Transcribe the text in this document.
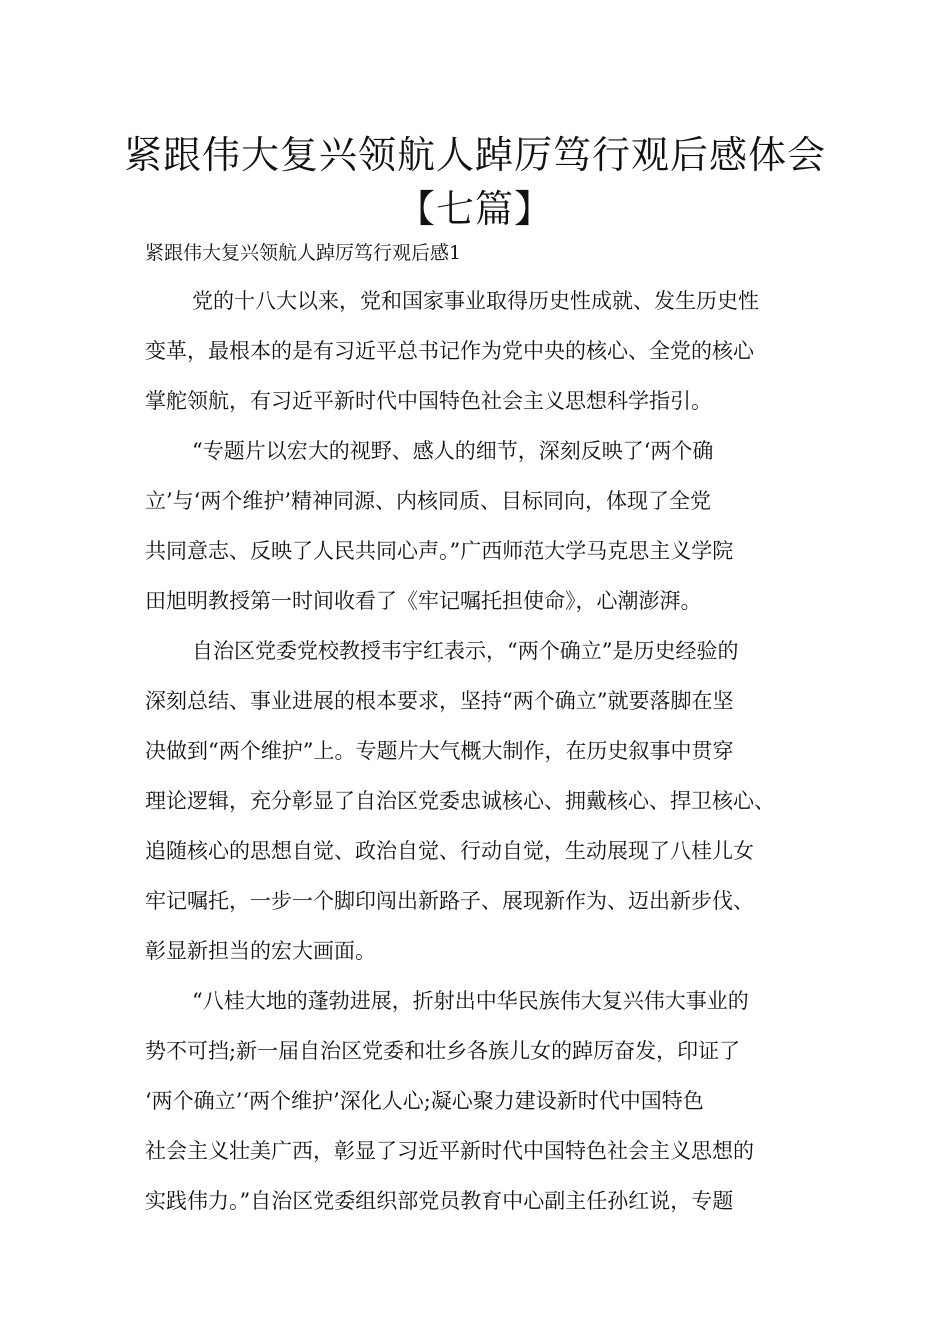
紧跟伟大复兴领航人踔厉笃行观后感体会【七篇】

紧跟伟大复兴领航人踔厉笃行观后感1

党的十八大以来，党和国家事业取得历史性成就、发生历史性

变革，最根本的是有习近平总书记作为党中央的核心、全党的核心

掌舵领航，有习近平新时代中国特色社会主义思想科学指引。

“专题片以宏大的视野、感人的细节，深刻反映了‘两个确

立’与‘两个维护’精神同源、内核同质、目标同向，体现了全党

共同意志、反映了人民共同心声。”广西师范大学马克思主义学院

田旭明教授第一时间收看了《牢记嘱托担使命》，心潮澎湃。

自治区党委党校教授韦宇红表示，“两个确立”是历史经验的

深刻总结、事业进展的根本要求，坚持“两个确立”就要落脚在坚

决做到“两个维护”上。专题片大气概大制作，在历史叙事中贯穿

理论逻辑，充分彰显了自治区党委忠诚核心、拥戴核心、捍卫核心、

追随核心的思想自觉、政治自觉、行动自觉，生动展现了八桂儿女

牢记嘱托，一步一个脚印闯出新路子、展现新作为、迈出新步伐、

彰显新担当的宏大画面。

“八桂大地的蓬勃进展，折射出中华民族伟大复兴伟大事业的

势不可挡;新一届自治区党委和壮乡各族儿女的踔厉奋发，印证了

‘两个确立’‘两个维护’深化人心;凝心聚力建设新时代中国特色

社会主义壮美广西，彰显了习近平新时代中国特色社会主义思想的

实践伟力。”自治区党委组织部党员教育中心副主任孙红说，专题
